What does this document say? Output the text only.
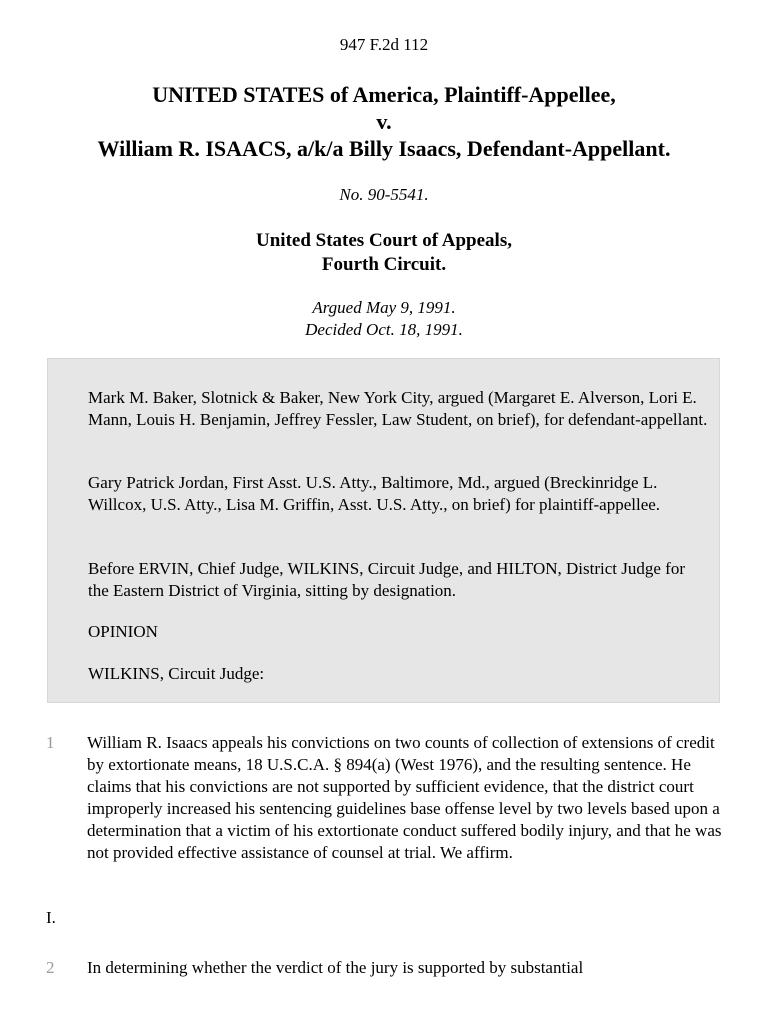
947 F.2d 112
UNITED STATES of America, Plaintiff-Appellee,
v.
William R. ISAACS, a/k/a Billy Isaacs, Defendant-Appellant.
No. 90-5541.
United States Court of Appeals,
Fourth Circuit.
Argued May 9, 1991.
Decided Oct. 18, 1991.

Mark M. Baker, Slotnick & Baker, New York City, argued (Margaret E. Alverson, Lori E. Mann, Louis H. Benjamin, Jeffrey Fessler, Law Student, on brief), for defendant-appellant.

Gary Patrick Jordan, First Asst. U.S. Atty., Baltimore, Md., argued (Breckinridge L. Willcox, U.S. Atty., Lisa M. Griffin, Asst. U.S. Atty., on brief) for plaintiff-appellee.

Before ERVIN, Chief Judge, WILKINS, Circuit Judge, and HILTON, District Judge for the Eastern District of Virginia, sitting by designation.

OPINION

WILKINS, Circuit Judge:

1 William R. Isaacs appeals his convictions on two counts of collection of extensions of credit by extortionate means, 18 U.S.C.A. § 894(a) (West 1976), and the resulting sentence. He claims that his convictions are not supported by sufficient evidence, that the district court improperly increased his sentencing guidelines base offense level by two levels based upon a determination that a victim of his extortionate conduct suffered bodily injury, and that he was not provided effective assistance of counsel at trial. We affirm.

I.
2 In determining whether the verdict of the jury is supported by substantial
